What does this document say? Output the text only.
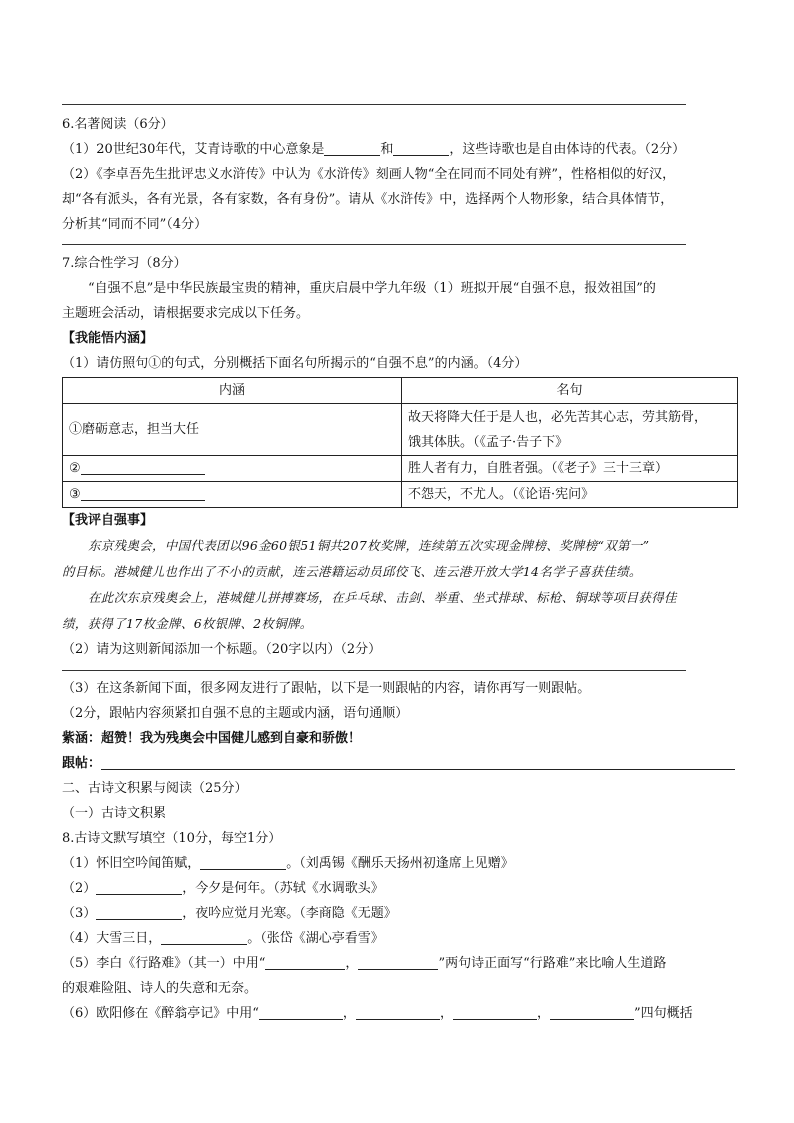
6.名著阅读（6分）
（1）20世纪30年代，艾青诗歌的中心意象是	和	，这些诗歌也是自由体诗的代表。（2分）
（2）《李卓吾先生批评忠义水浒传》中认为《水浒传》刻画人物“全在同而不同处有辨”，性格相似的好汉，
却“各有派头，各有光景，各有家数，各有身份”。请从《水浒传》中，选择两个人物形象，结合具体情节，
分析其“同而不同”（4分）
7.综合性学习（8分）
“自强不息”是中华民族最宝贵的精神，重庆启晨中学九年级（1）班拟开展“自强不息，报效祖国”的
主题班会活动，请根据要求完成以下任务。
【我能悟内涵】
（1）请仿照句①的句式，分别概括下面名句所揭示的“自强不息”的内涵。（4分）
内涵	名句
①磨砺意志，担当大任	故天将降大任于是人也，必先苦其心志，劳其筋骨，
饿其体肤。（《孟子·告子下》

②	胜人者有力，自胜者强。（《老子》三十三章）
③	不怨天，不尤人。（《论语·宪问》
【我评自强事】
东京残奥会，中国代表团以96金60银51铜共207枚奖牌，连续第五次实现金牌榜、奖牌榜“双第一”
的目标。港城健儿也作出了不小的贡献，连云港籍运动员邱佼飞、连云港开放大学14名学子喜获佳绩。
在此次东京残奥会上，港城健儿拼搏赛场，在乒乓球、击剑、举重、坐式排球、标枪、铜球等项目获得佳
绩，获得了17枚金牌、6枚银牌、2枚铜牌。
（2）请为这则新闻添加一个标题。（20字以内）（2分）
（3）在这条新闻下面，很多网友进行了跟帖，以下是一则跟帖的内容，请你再写一则跟帖。
（2分，跟帖内容须紧扣自强不息的主题或内涵，语句通顺）
紫涵：超赞！我为残奥会中国健儿感到自豪和骄傲！
跟帖：
二、古诗文积累与阅读（25分）
（一）古诗文积累
8.古诗文默写填空（10分，每空1分）
（1）怀旧空吟闻笛赋，	。（刘禹锡《酬乐天扬州初逢席上见赠》
（2）	，今夕是何年。（苏轼《水调歌头》
（3）	，夜吟应觉月光寒。（李商隐《无题》
（4）大雪三日，	。（张岱《湖心亭看雪》
（5）李白《行路难》（其一）中用“	，	”两句诗正面写“行路难”来比喻人生道路
的艰难险阻、诗人的失意和无奈。
（6）欧阳修在《醉翁亭记》中用“	，	，	，	”四句概括
